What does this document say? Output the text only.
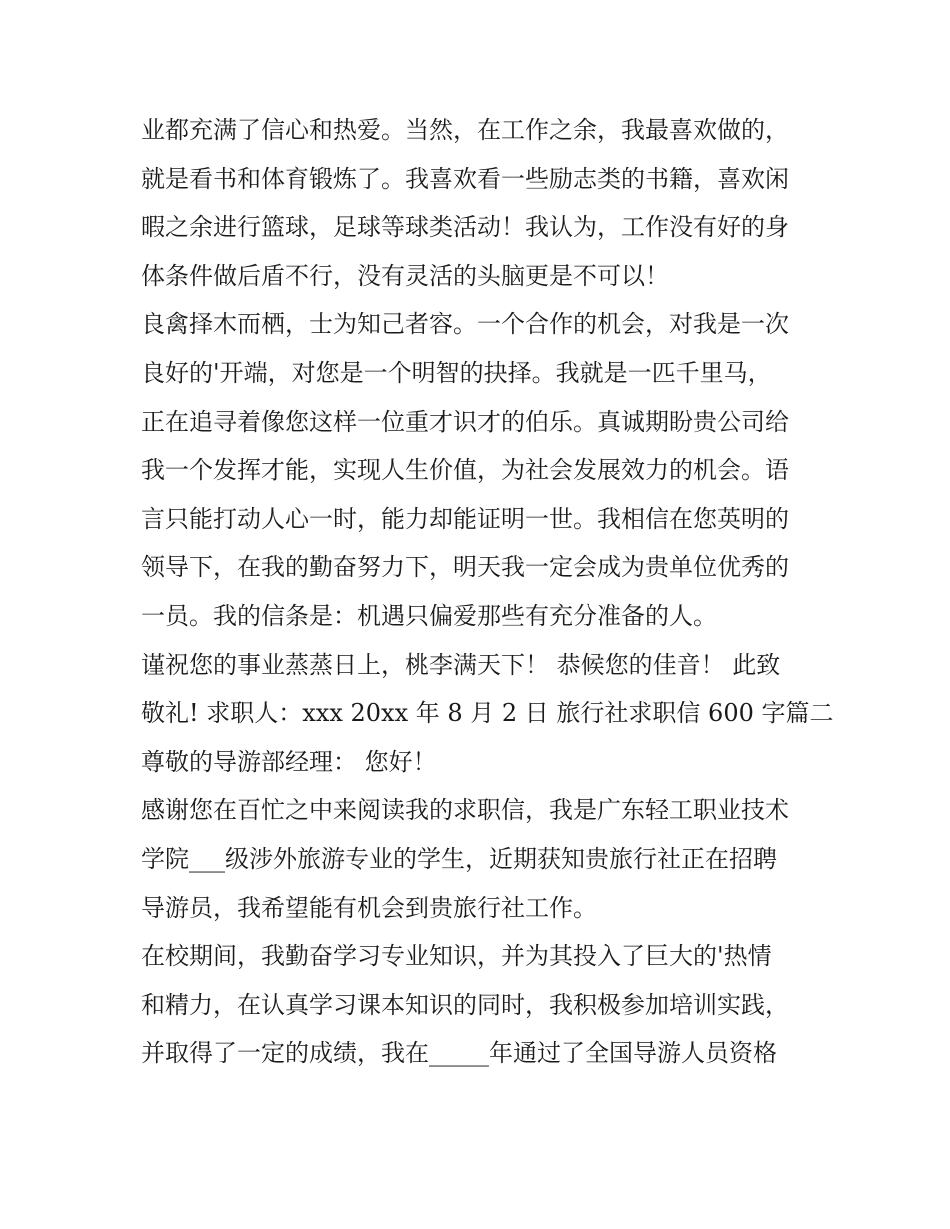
业都充满了信心和热爱。当然，在工作之余，我最喜欢做的，
就是看书和体育锻炼了。我喜欢看一些励志类的书籍，喜欢闲
暇之余进行篮球，足球等球类活动！我认为，工作没有好的身
体条件做后盾不行，没有灵活的头脑更是不可以！
良禽择木而栖，士为知己者容。一个合作的机会，对我是一次
良好的'开端，对您是一个明智的抉择。我就是一匹千里马，
正在追寻着像您这样一位重才识才的伯乐。真诚期盼贵公司给
我一个发挥才能，实现人生价值，为社会发展效力的机会。语
言只能打动人心一时，能力却能证明一世。我相信在您英明的
领导下，在我的勤奋努力下，明天我一定会成为贵单位优秀的
一员。我的信条是：机遇只偏爱那些有充分准备的人。
谨祝您的事业蒸蒸日上，桃李满天下！ 恭候您的佳音！ 此致
敬礼! 求职人：xxx 20xx 年 8 月 2 日 旅行社求职信 600 字篇二
尊敬的导游部经理： 您好！
感谢您在百忙之中来阅读我的求职信，我是广东轻工职业技术
学院___级涉外旅游专业的学生，近期获知贵旅行社正在招聘
导游员，我希望能有机会到贵旅行社工作。
在校期间，我勤奋学习专业知识，并为其投入了巨大的'热情
和精力，在认真学习课本知识的同时，我积极参加培训实践，
并取得了一定的成绩，我在_____年通过了全国导游人员资格
